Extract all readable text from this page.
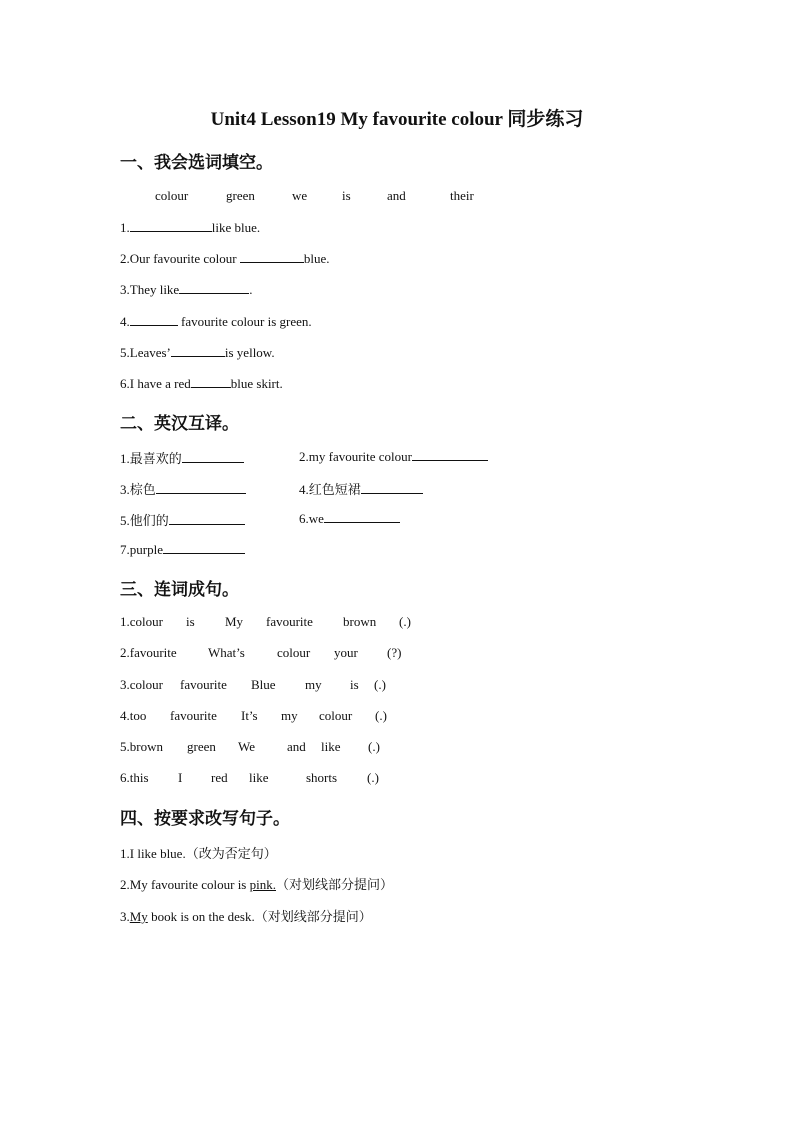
Unit4 Lesson19 My favourite colour 同步练习
一、我会选词填空。
colour	green	we	is	and	their
1.	like blue.
2.Our favourite colour	blue.
3.They like	.
4.	favourite colour is green.
5.Leaves’	is yellow.
6.I have a red	blue skirt.
二、英汉互译。
1.最喜欢的	2.my favourite colour
3.棕色	4.红色短裙
5.他们的	6.we
7.purple
三、连词成句。
1.colour is My favourite brown (.)
2.favourite What’s colour your (?)
3.colour favourite Blue my is (.)
4.too favourite It’s my colour (.)
5.brown green We and like (.)
6.this I red like	shorts (.)
四、按要求改写句子。
1.I like blue.（改为否定句）
2.My favourite colour is pink.（对划线部分提问）
3.My book is on the desk.（对划线部分提问）
